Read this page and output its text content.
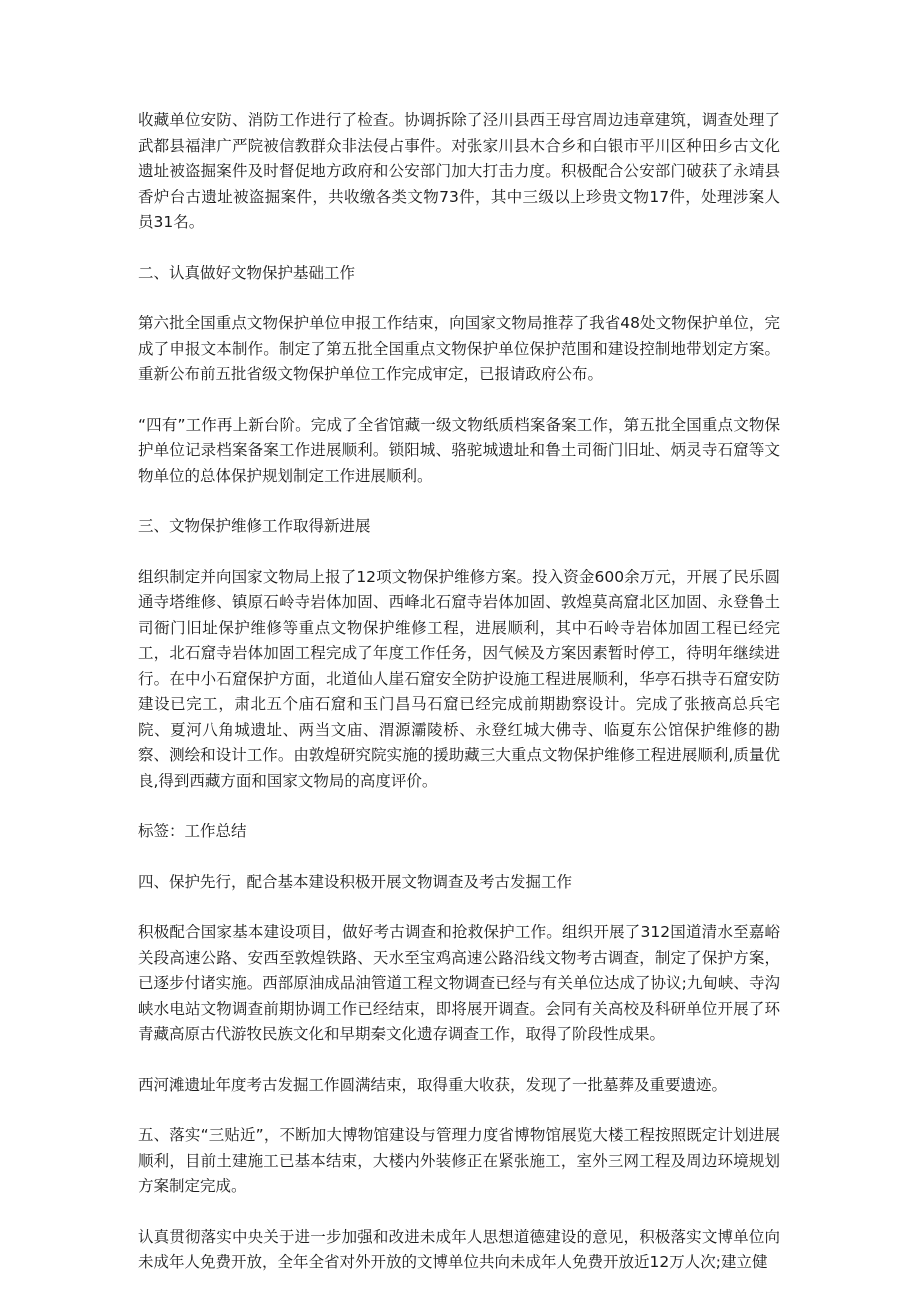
收藏单位安防、消防工作进行了检查。协调拆除了泾川县西王母宫周边违章建筑，调查处理了武都县福津广严院被信教群众非法侵占事件。对张家川县木合乡和白银市平川区种田乡古文化遗址被盗掘案件及时督促地方政府和公安部门加大打击力度。积极配合公安部门破获了永靖县香炉台古遗址被盗掘案件，共收缴各类文物73件，其中三级以上珍贵文物17件，处理涉案人员31名。

二、认真做好文物保护基础工作

第六批全国重点文物保护单位申报工作结束，向国家文物局推荐了我省48处文物保护单位，完成了申报文本制作。制定了第五批全国重点文物保护单位保护范围和建设控制地带划定方案。重新公布前五批省级文物保护单位工作完成审定，已报请政府公布。

“四有”工作再上新台阶。完成了全省馆藏一级文物纸质档案备案工作，第五批全国重点文物保护单位记录档案备案工作进展顺利。锁阳城、骆驼城遗址和鲁土司衙门旧址、炳灵寺石窟等文物单位的总体保护规划制定工作进展顺利。

三、文物保护维修工作取得新进展

组织制定并向国家文物局上报了12项文物保护维修方案。投入资金600余万元，开展了民乐圆通寺塔维修、镇原石岭寺岩体加固、西峰北石窟寺岩体加固、敦煌莫高窟北区加固、永登鲁土司衙门旧址保护维修等重点文物保护维修工程，进展顺利，其中石岭寺岩体加固工程已经完工，北石窟寺岩体加固工程完成了年度工作任务，因气候及方案因素暂时停工，待明年继续进行。在中小石窟保护方面，北道仙人崖石窟安全防护设施工程进展顺利，华亭石拱寺石窟安防建设已完工，肃北五个庙石窟和玉门昌马石窟已经完成前期勘察设计。完成了张掖高总兵宅院、夏河八角城遗址、两当文庙、渭源灞陵桥、永登红城大佛寺、临夏东公馆保护维修的勘察、测绘和设计工作。由敦煌研究院实施的援助藏三大重点文物保护维修工程进展顺利,质量优良,得到西藏方面和国家文物局的高度评价。

标签：工作总结

四、保护先行，配合基本建设积极开展文物调查及考古发掘工作

积极配合国家基本建设项目，做好考古调查和抢救保护工作。组织开展了312国道清水至嘉峪关段高速公路、安西至敦煌铁路、天水至宝鸡高速公路沿线文物考古调查，制定了保护方案，已逐步付诸实施。西部原油成品油管道工程文物调查已经与有关单位达成了协议;九甸峡、寺沟峡水电站文物调查前期协调工作已经结束，即将展开调查。会同有关高校及科研单位开展了环青藏高原古代游牧民族文化和早期秦文化遗存调查工作，取得了阶段性成果。

西河滩遗址年度考古发掘工作圆满结束，取得重大收获，发现了一批墓葬及重要遗迹。

五、落实“三贴近”，不断加大博物馆建设与管理力度省博物馆展览大楼工程按照既定计划进展顺利，目前土建施工已基本结束，大楼内外装修正在紧张施工，室外三网工程及周边环境规划方案制定完成。

认真贯彻落实中央关于进一步加强和改进未成年人思想道德建设的意见，积极落实文博单位向未成年人免费开放，全年全省对外开放的文博单位共向未成年人免费开放近12万人次;建立健
